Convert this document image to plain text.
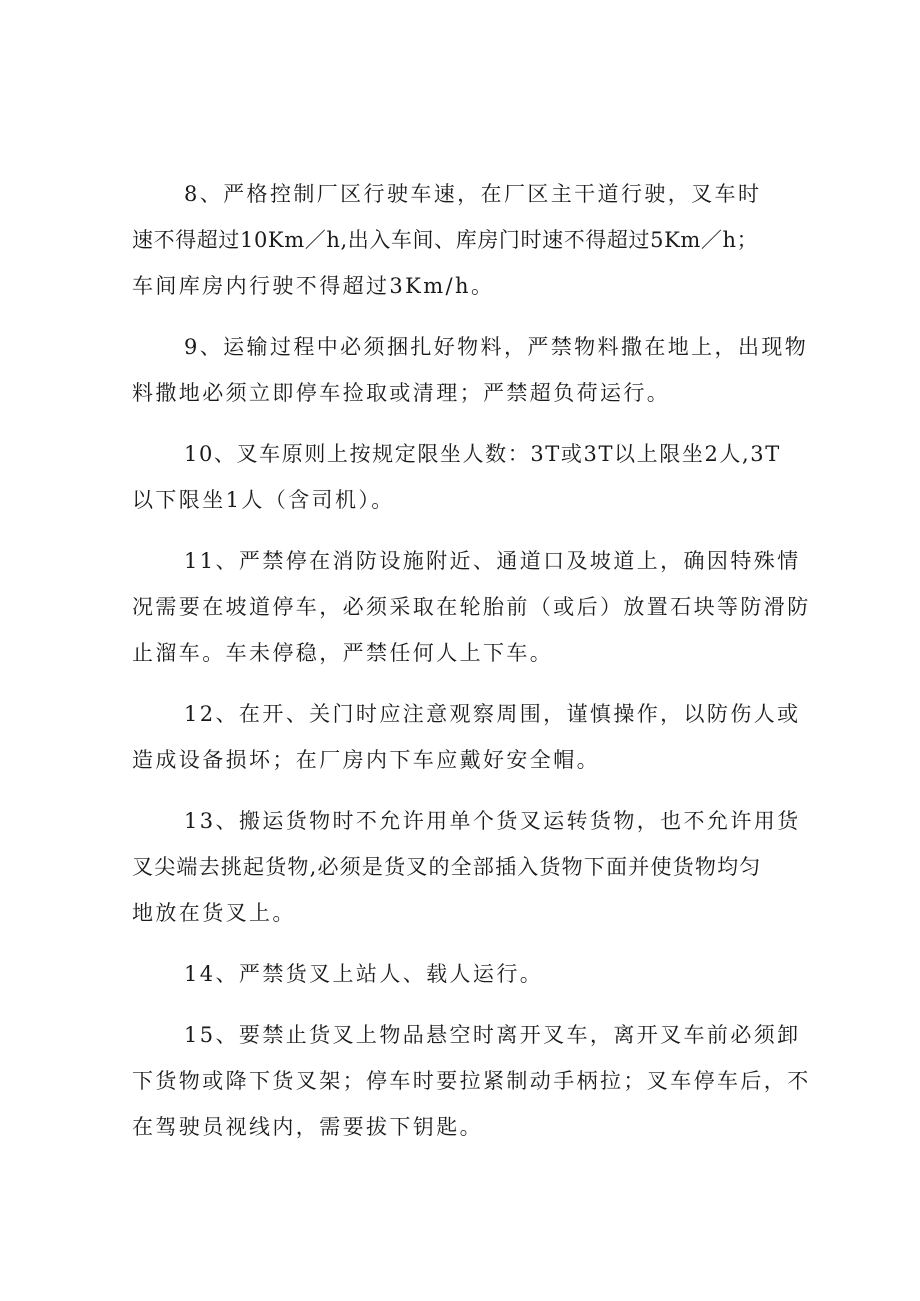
8、严格控制厂区行驶车速，在厂区主干道行驶，叉车时
速不得超过10Km／h,出入车间、库房门时速不得超过5Km／h；
车间库房内行驶不得超过3Km/h。
9、运输过程中必须捆扎好物料，严禁物料撒在地上，出现物
料撒地必须立即停车捡取或清理；严禁超负荷运行。
10、叉车原则上按规定限坐人数：3T或3T以上限坐2人,3T
以下限坐1人（含司机）。
11、严禁停在消防设施附近、通道口及坡道上，确因特殊情
况需要在坡道停车，必须采取在轮胎前（或后）放置石块等防滑防
止溜车。车未停稳，严禁任何人上下车。
12、在开、关门时应注意观察周围，谨慎操作，以防伤人或
造成设备损坏；在厂房内下车应戴好安全帽。
13、搬运货物时不允许用单个货叉运转货物，也不允许用货
叉尖端去挑起货物,必须是货叉的全部插入货物下面并使货物均匀
地放在货叉上。
14、严禁货叉上站人、载人运行。
15、要禁止货叉上物品悬空时离开叉车，离开叉车前必须卸
下货物或降下货叉架；停车时要拉紧制动手柄拉；叉车停车后，不
在驾驶员视线内，需要拔下钥匙。
